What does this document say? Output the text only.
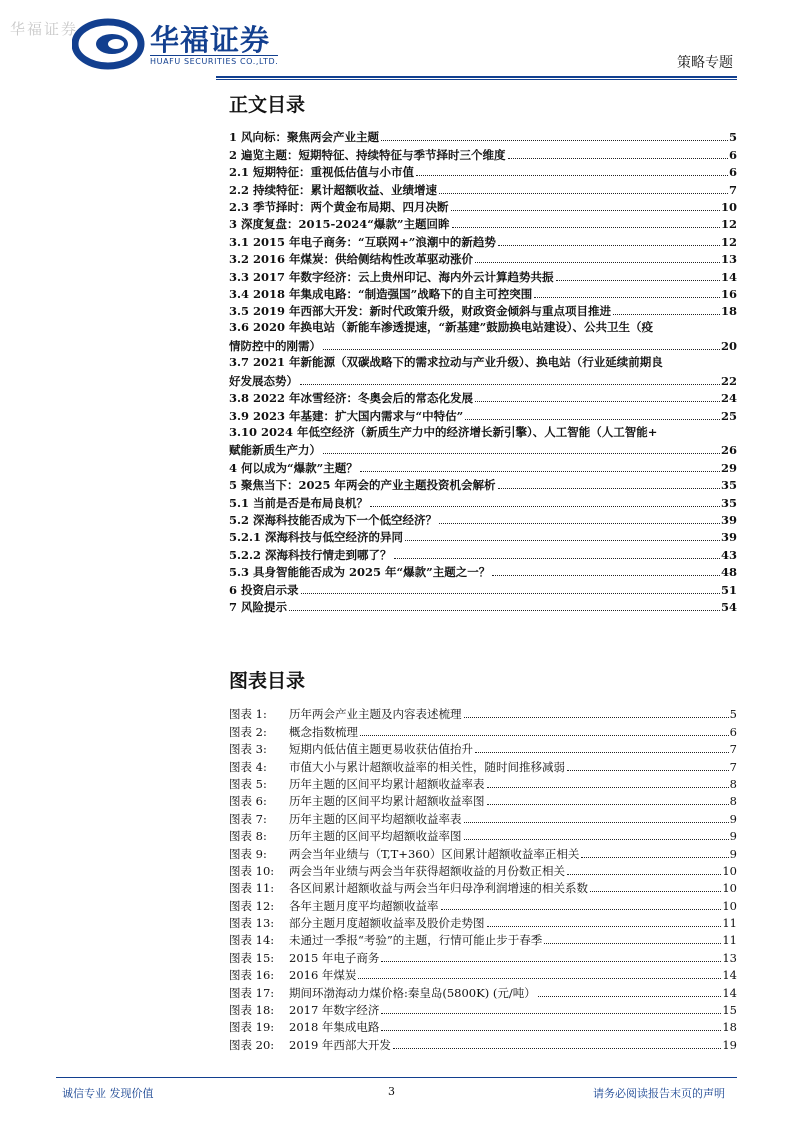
华福证券 华福证券
HUAFU SECURITIES CO.,LTD.	策略专题
正文目录
1 风向标：聚焦两会产业主题	5
2 遍览主题：短期特征、持续特征与季节择时三个维度	6
2.1 短期特征：重视低估值与小市值	6
2.2 持续特征：累计超额收益、业绩增速	7
2.3 季节择时：两个黄金布局期、四月决断	10
3 深度复盘：2015-2024“爆款”主题回眸	12
3.1 2015 年电子商务：“互联网+”浪潮中的新趋势	12
3.2 2016 年煤炭：供给侧结构性改革驱动涨价	13
3.3 2017 年数字经济：云上贵州印记、海内外云计算趋势共振	14
3.4 2018 年集成电路：“制造强国”战略下的自主可控突围	16
3.5 2019 年西部大开发：新时代政策升级，财政资金倾斜与重点项目推进	18
3.6 2020 年换电站（新能车渗透提速，“新基建”鼓励换电站建设）、公共卫生（疫
情防控中的刚需）	20
3.7 2021 年新能源（双碳战略下的需求拉动与产业升级）、换电站（行业延续前期良
好发展态势）	22
3.8 2022 年冰雪经济：冬奥会后的常态化发展	24
3.9 2023 年基建：扩大国内需求与“中特估”	25
3.10 2024 年低空经济（新质生产力中的经济增长新引擎）、人工智能（人工智能+
赋能新质生产力）	26
4 何以成为“爆款”主题？	29
5 聚焦当下：2025 年两会的产业主题投资机会解析	35
5.1 当前是否是布局良机？	35
5.2 深海科技能否成为下一个低空经济？	39
5.2.1 深海科技与低空经济的异同	39
5.2.2 深海科技行情走到哪了？	43
5.3 具身智能能否成为 2025 年“爆款”主题之一？	48
6 投资启示录	51
7 风险提示	54
图表目录
图表 1:	历年两会产业主题及内容表述梳理	5
图表 2:	概念指数梳理	6
图表 3:	短期内低估值主题更易收获估值抬升	7
图表 4:	市值大小与累计超额收益率的相关性，随时间推移减弱	7
图表 5:	历年主题的区间平均累计超额收益率表	8
图表 6:	历年主题的区间平均累计超额收益率图	8
图表 7:	历年主题的区间平均超额收益率表	9
图表 8:	历年主题的区间平均超额收益率图	9
图表 9:	两会当年业绩与（T,T+360）区间累计超额收益率正相关	9
图表 10:	两会当年业绩与两会当年获得超额收益的月份数正相关	10
图表 11:	各区间累计超额收益与两会当年归母净利润增速的相关系数	10
图表 12:	各年主题月度平均超额收益率	10
图表 13:	部分主题月度超额收益率及股价走势图	11
图表 14:	未通过一季报“考验”的主题，行情可能止步于春季	11
图表 15:	2015 年电子商务	13
图表 16:	2016 年煤炭	14
图表 17:	期间环渤海动力煤价格:秦皇岛(5800K) (元/吨）	14
图表 18:	2017 年数字经济	15
图表 19:	2018 年集成电路	18
图表 20:	2019 年西部大开发	19
诚信专业 发现价值	3	请务必阅读报告末页的声明
